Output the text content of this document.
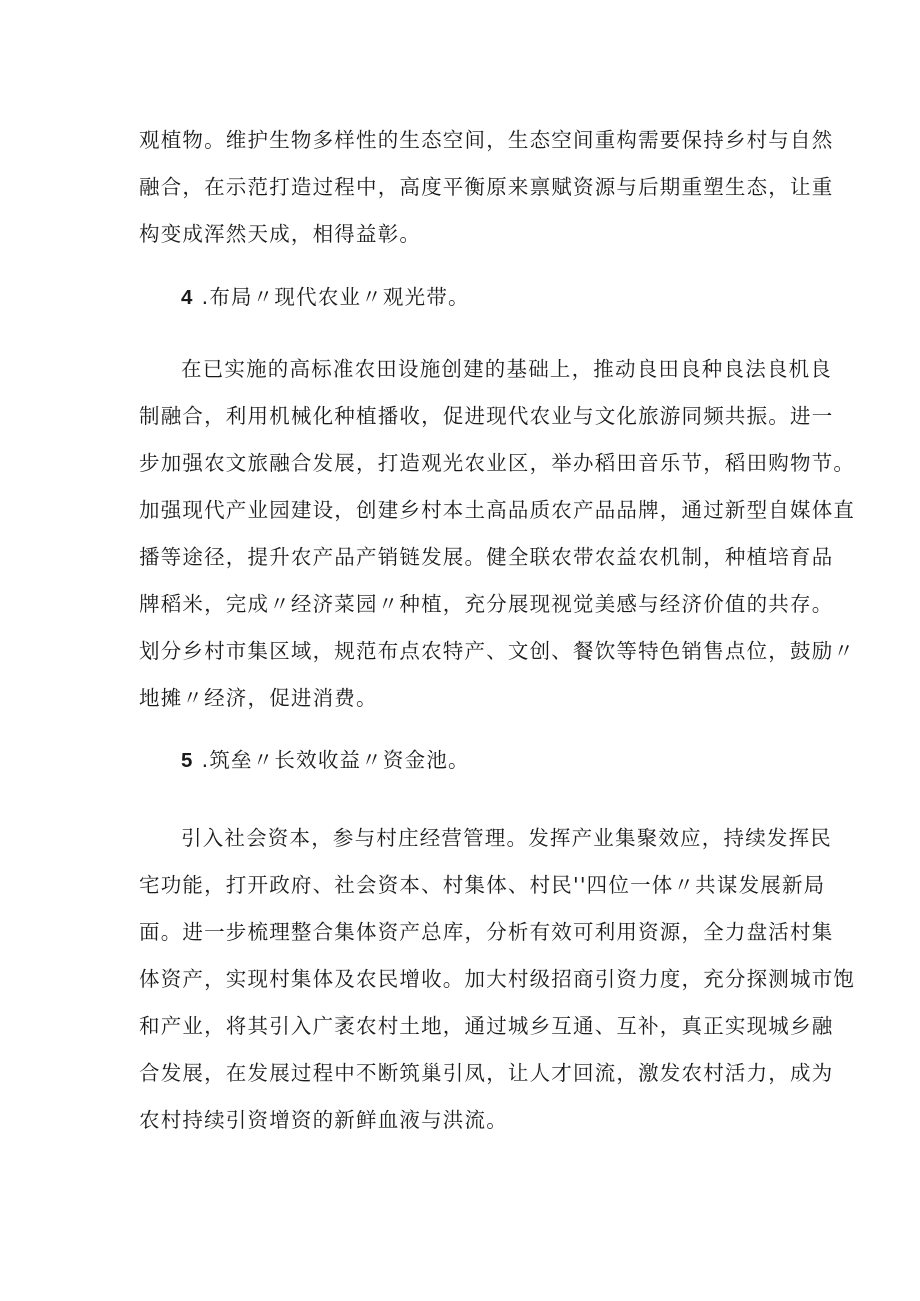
观植物。维护生物多样性的生态空间，生态空间重构需要保持乡村与自然
融合，在示范打造过程中，高度平衡原来禀赋资源与后期重塑生态，让重
构变成浑然天成，相得益彰。

4 .布局〃现代农业〃观光带。

在已实施的高标准农田设施创建的基础上，推动良田良种良法良机良
制融合，利用机械化种植播收，促进现代农业与文化旅游同频共振。进一
步加强农文旅融合发展，打造观光农业区，举办稻田音乐节，稻田购物节。
加强现代产业园建设，创建乡村本土高品质农产品品牌，通过新型自媒体直
播等途径，提升农产品产销链发展。健全联农带农益农机制，种植培育品
牌稻米，完成〃经济菜园〃种植，充分展现视觉美感与经济价值的共存。
划分乡村市集区域，规范布点农特产、文创、餐饮等特色销售点位，鼓励〃
地摊〃经济，促进消费。

5 .筑垒〃长效收益〃资金池。

引入社会资本，参与村庄经营管理。发挥产业集聚效应，持续发挥民
宅功能，打开政府、社会资本、村集体、村民''四位一体〃共谋发展新局
面。进一步梳理整合集体资产总库，分析有效可利用资源，全力盘活村集
体资产，实现村集体及农民增收。加大村级招商引资力度，充分探测城市饱
和产业，将其引入广袤农村土地，通过城乡互通、互补，真正实现城乡融
合发展，在发展过程中不断筑巢引凤，让人才回流，激发农村活力，成为
农村持续引资增资的新鲜血液与洪流。
